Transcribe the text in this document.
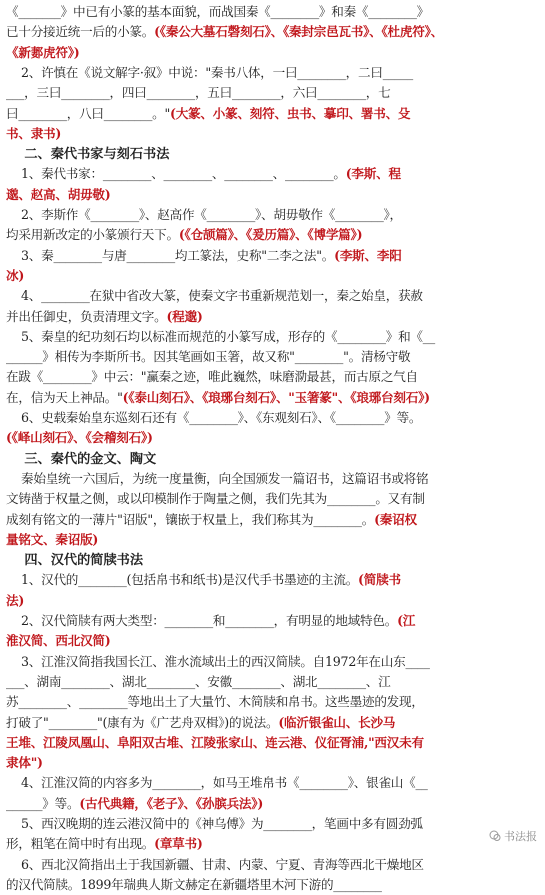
《_______》中已有小篆的基本面貌，而战国秦《________》和秦《________》
已十分接近统一后的小篆。(《秦公大墓石磬刻石》、《秦封宗邑瓦书》、《杜虎符》、
《新郪虎符》)
2、许慎在《说文解字·叙》中说："秦书八体，一曰________，二曰_____
___，三曰________，四曰________，五曰________，六曰________，七
曰________，八曰________。"(大篆、小篆、刻符、虫书、摹印、署书、殳
书、隶书)
二、秦代书家与刻石书法
1、秦代书家：________、________、________、________。(李斯、程
邈、赵高、胡毋敬)
2、李斯作《________》、赵高作《________》、胡毋敬作《________》，
均采用新改定的小篆颁行天下。(《仓颉篇》、《爰历篇》、《博学篇》)
3、秦________与唐________均工篆法，史称"二李之法"。(李斯、李阳
冰)
4、________在狱中省改大篆，使秦文字书重新规范划一，秦之始皇，获赦
并出任御史，负责清理文字。(程邈)
5、秦皇的纪功刻石均以标准而规范的小篆写成，形存的《________》和《__
______》相传为李斯所书。因其笔画如玉箸，故又称"________"。清杨守敬
在跋《________》中云："赢秦之迹，唯此巍然，味磨泐最甚，而古原之气自
在，信为天上神品。"(《泰山刻石》、《琅琊台刻石》、"玉箸篆"、《琅琊台刻石》)
6、史载秦始皇东巡刻石还有《________》、《东观刻石》、《________》等。
(《峄山刻石》、《会稽刻石》)
三、秦代的金文、陶文
秦始皇统一六国后，为统一度量衡，向全国颁发一篇诏书，这篇诏书或将铭
文铸凿于权量之侧，或以印模制作于陶量之侧，我们先其为________。又有制
成刻有铭文的一薄片"诏版"，镶嵌于权量上，我们称其为________。(秦诏权
量铭文、秦诏版)
四、汉代的简牍书法
1、汉代的________(包括帛书和纸书)是汉代手书墨迹的主流。(简牍书
法)
2、汉代简牍有两大类型：________和________，有明显的地域特色。(江
淮汉简、西北汉简)
3、江淮汉简指我国长江、淮水流域出土的西汉简牍。自1972年在山东____
___、湖南________、湖北________、安徽________、湖北________、江
苏________、________等地出土了大量竹、木简牍和帛书。这些墨迹的发现，
打破了"________"(康有为《广艺舟双楫》)的说法。(临沂银雀山、长沙马
王堆、江陵凤凰山、阜阳双古堆、江陵张家山、连云港、仪征胥浦,"西汉未有
隶体")
4、江淮汉简的内容多为________，如马王堆帛书《________》、银雀山《__
______》等。(古代典籍，《老子》、《孙膑兵法》)
5、西汉晚期的连云港汉简中的《神乌傅》为________，笔画中多有圆劲弧
形，粗笔在简中时有出现。(章草书)
6、西北汉简指出土于我国新疆、甘肃、内蒙、宁夏、青海等西北干燥地区
的汉代简牍。1899年瑞典人斯文赫定在新疆塔里木河下游的________
书法报
